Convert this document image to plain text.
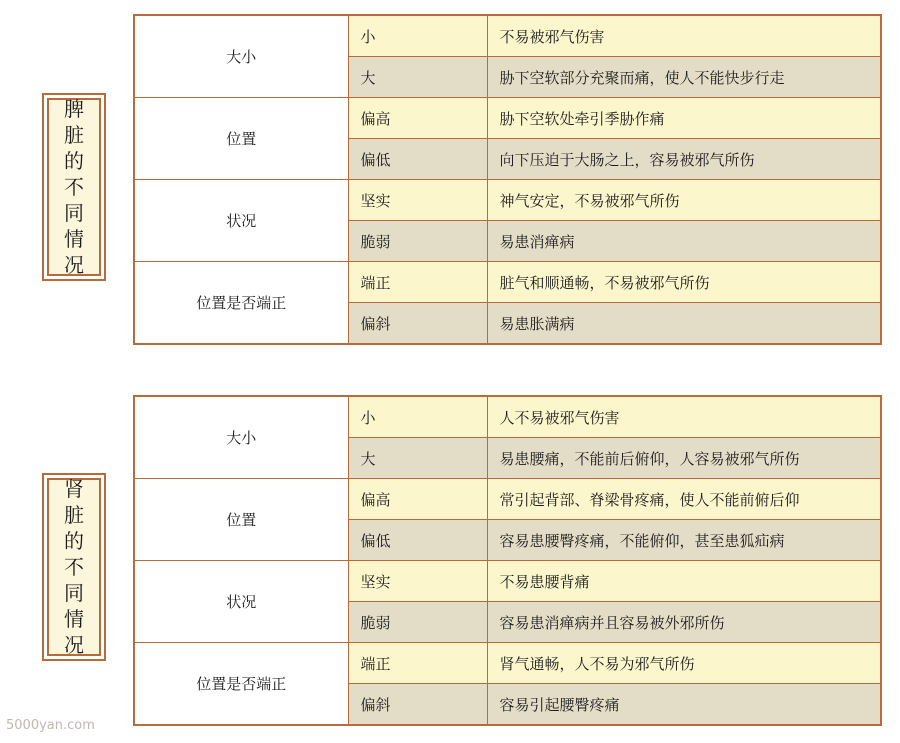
脾脏的不同情况
大小	小	不易被邪气伤害
	大	胁下空软部分充聚而痛，使人不能快步行走
位置	偏高	胁下空软处牵引季胁作痛
	偏低	向下压迫于大肠之上，容易被邪气所伤
状况	坚实	神气安定，不易被邪气所伤
	脆弱	易患消瘅病
位置是否端正	端正	脏气和顺通畅，不易被邪气所伤
	偏斜	易患胀满病
肾脏的不同情况
大小	小	人不易被邪气伤害
	大	易患腰痛，不能前后俯仰，人容易被邪气所伤
位置	偏高	常引起背部、脊梁骨疼痛，使人不能前俯后仰
	偏低	容易患腰臀疼痛，不能俯仰，甚至患狐疝病
状况	坚实	不易患腰背痛
	脆弱	容易患消瘅病并且容易被外邪所伤
位置是否端正	端正	肾气通畅，人不易为邪气所伤
	偏斜	容易引起腰臀疼痛
5000yan.com
